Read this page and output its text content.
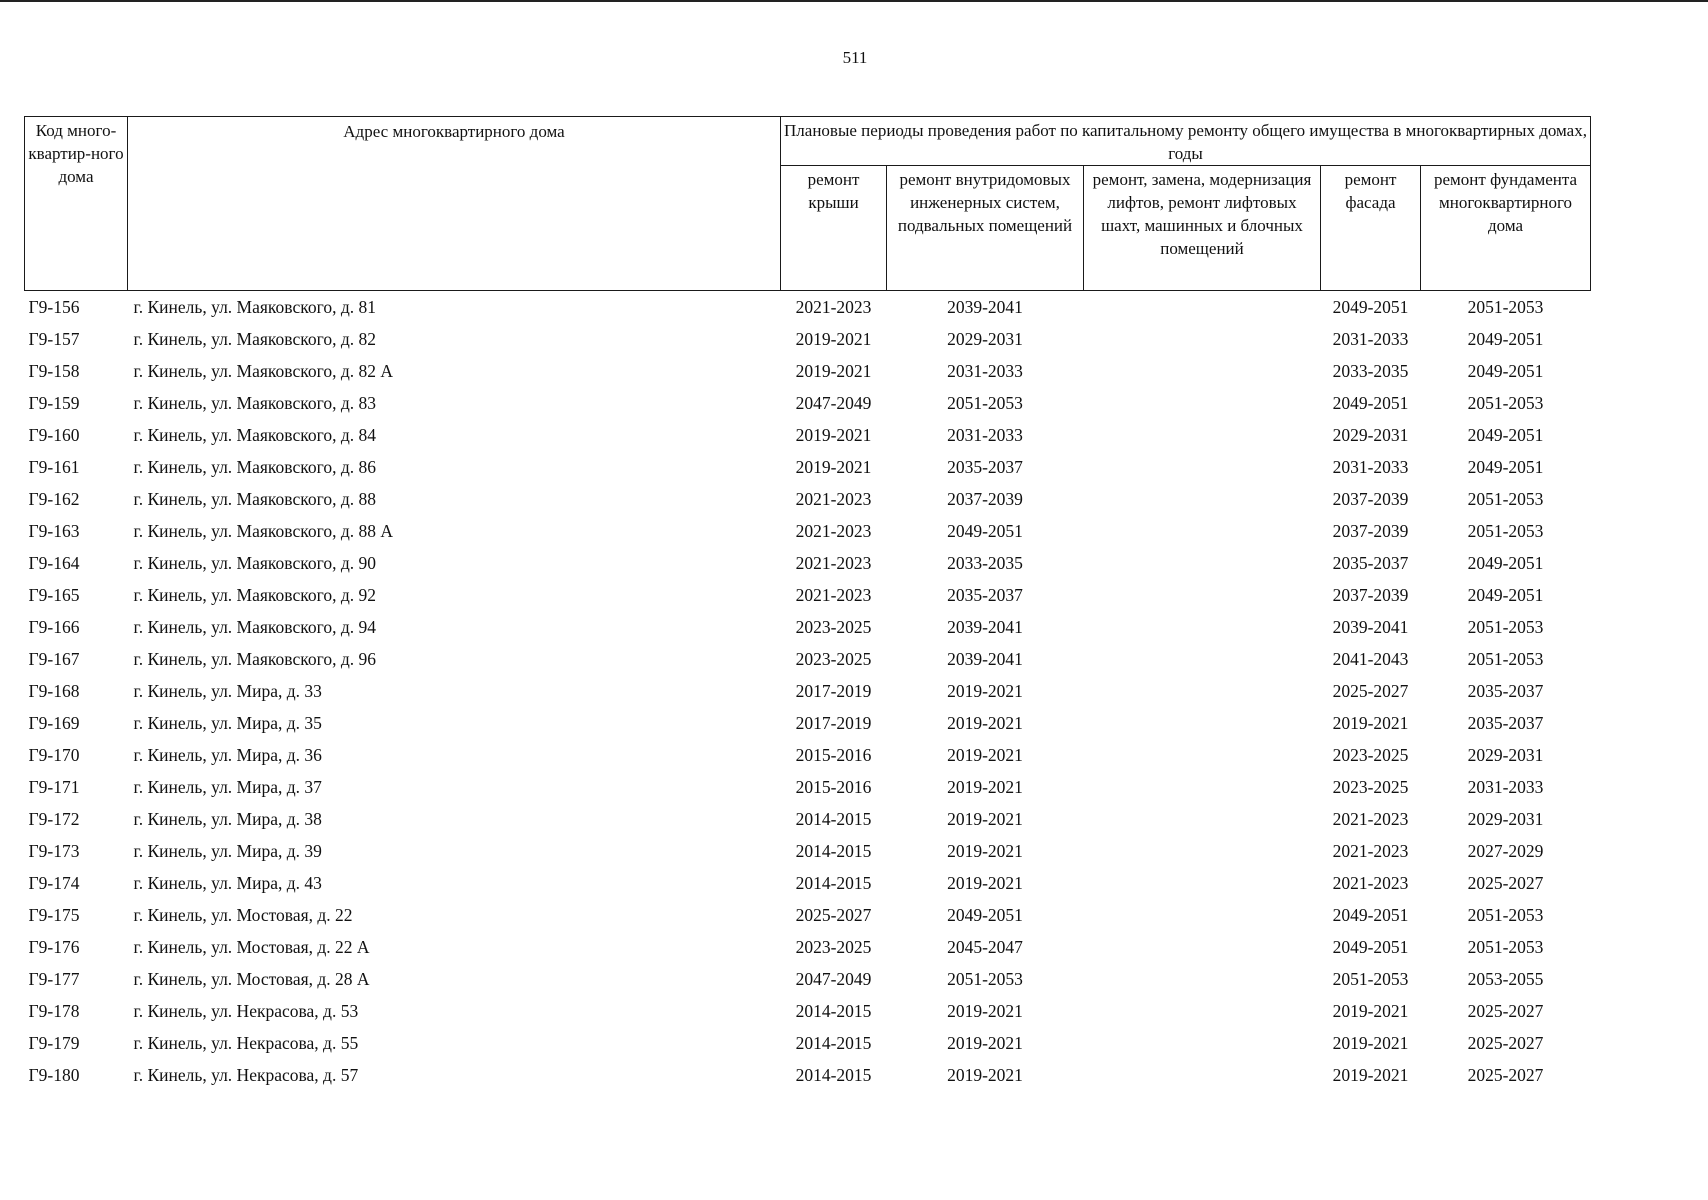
511
Код много-квартир-ного дома	Адрес многоквартирного дома	Плановые периоды проведения работ по капитальному ремонту общего имущества в многоквартирных домах, годы				
		ремонт крыши	ремонт внутридомовых инженерных систем, подвальных помещений	ремонт, замена, модернизация лифтов, ремонт лифтовых шахт, машинных и блочных помещений	ремонт фасада	ремонт фундамента многоквартирного дома
Г9-156	г. Кинель, ул. Маяковского, д. 81	2021-2023	2039-2041		2049-2051	2051-2053
Г9-157	г. Кинель, ул. Маяковского, д. 82	2019-2021	2029-2031		2031-2033	2049-2051
Г9-158	г. Кинель, ул. Маяковского, д. 82 А	2019-2021	2031-2033		2033-2035	2049-2051
Г9-159	г. Кинель, ул. Маяковского, д. 83	2047-2049	2051-2053		2049-2051	2051-2053
Г9-160	г. Кинель, ул. Маяковского, д. 84	2019-2021	2031-2033		2029-2031	2049-2051
Г9-161	г. Кинель, ул. Маяковского, д. 86	2019-2021	2035-2037		2031-2033	2049-2051
Г9-162	г. Кинель, ул. Маяковского, д. 88	2021-2023	2037-2039		2037-2039	2051-2053
Г9-163	г. Кинель, ул. Маяковского, д. 88 А	2021-2023	2049-2051		2037-2039	2051-2053
Г9-164	г. Кинель, ул. Маяковского, д. 90	2021-2023	2033-2035		2035-2037	2049-2051
Г9-165	г. Кинель, ул. Маяковского, д. 92	2021-2023	2035-2037		2037-2039	2049-2051
Г9-166	г. Кинель, ул. Маяковского, д. 94	2023-2025	2039-2041		2039-2041	2051-2053
Г9-167	г. Кинель, ул. Маяковского, д. 96	2023-2025	2039-2041		2041-2043	2051-2053
Г9-168	г. Кинель, ул. Мира, д. 33	2017-2019	2019-2021		2025-2027	2035-2037
Г9-169	г. Кинель, ул. Мира, д. 35	2017-2019	2019-2021		2019-2021	2035-2037
Г9-170	г. Кинель, ул. Мира, д. 36	2015-2016	2019-2021		2023-2025	2029-2031
Г9-171	г. Кинель, ул. Мира, д. 37	2015-2016	2019-2021		2023-2025	2031-2033
Г9-172	г. Кинель, ул. Мира, д. 38	2014-2015	2019-2021		2021-2023	2029-2031
Г9-173	г. Кинель, ул. Мира, д. 39	2014-2015	2019-2021		2021-2023	2027-2029
Г9-174	г. Кинель, ул. Мира, д. 43	2014-2015	2019-2021		2021-2023	2025-2027
Г9-175	г. Кинель, ул. Мостовая, д. 22	2025-2027	2049-2051		2049-2051	2051-2053
Г9-176	г. Кинель, ул. Мостовая, д. 22 А	2023-2025	2045-2047		2049-2051	2051-2053
Г9-177	г. Кинель, ул. Мостовая, д. 28 А	2047-2049	2051-2053		2051-2053	2053-2055
Г9-178	г. Кинель, ул. Некрасова, д. 53	2014-2015	2019-2021		2019-2021	2025-2027
Г9-179	г. Кинель, ул. Некрасова, д. 55	2014-2015	2019-2021		2019-2021	2025-2027
Г9-180	г. Кинель, ул. Некрасова, д. 57	2014-2015	2019-2021		2019-2021	2025-2027
